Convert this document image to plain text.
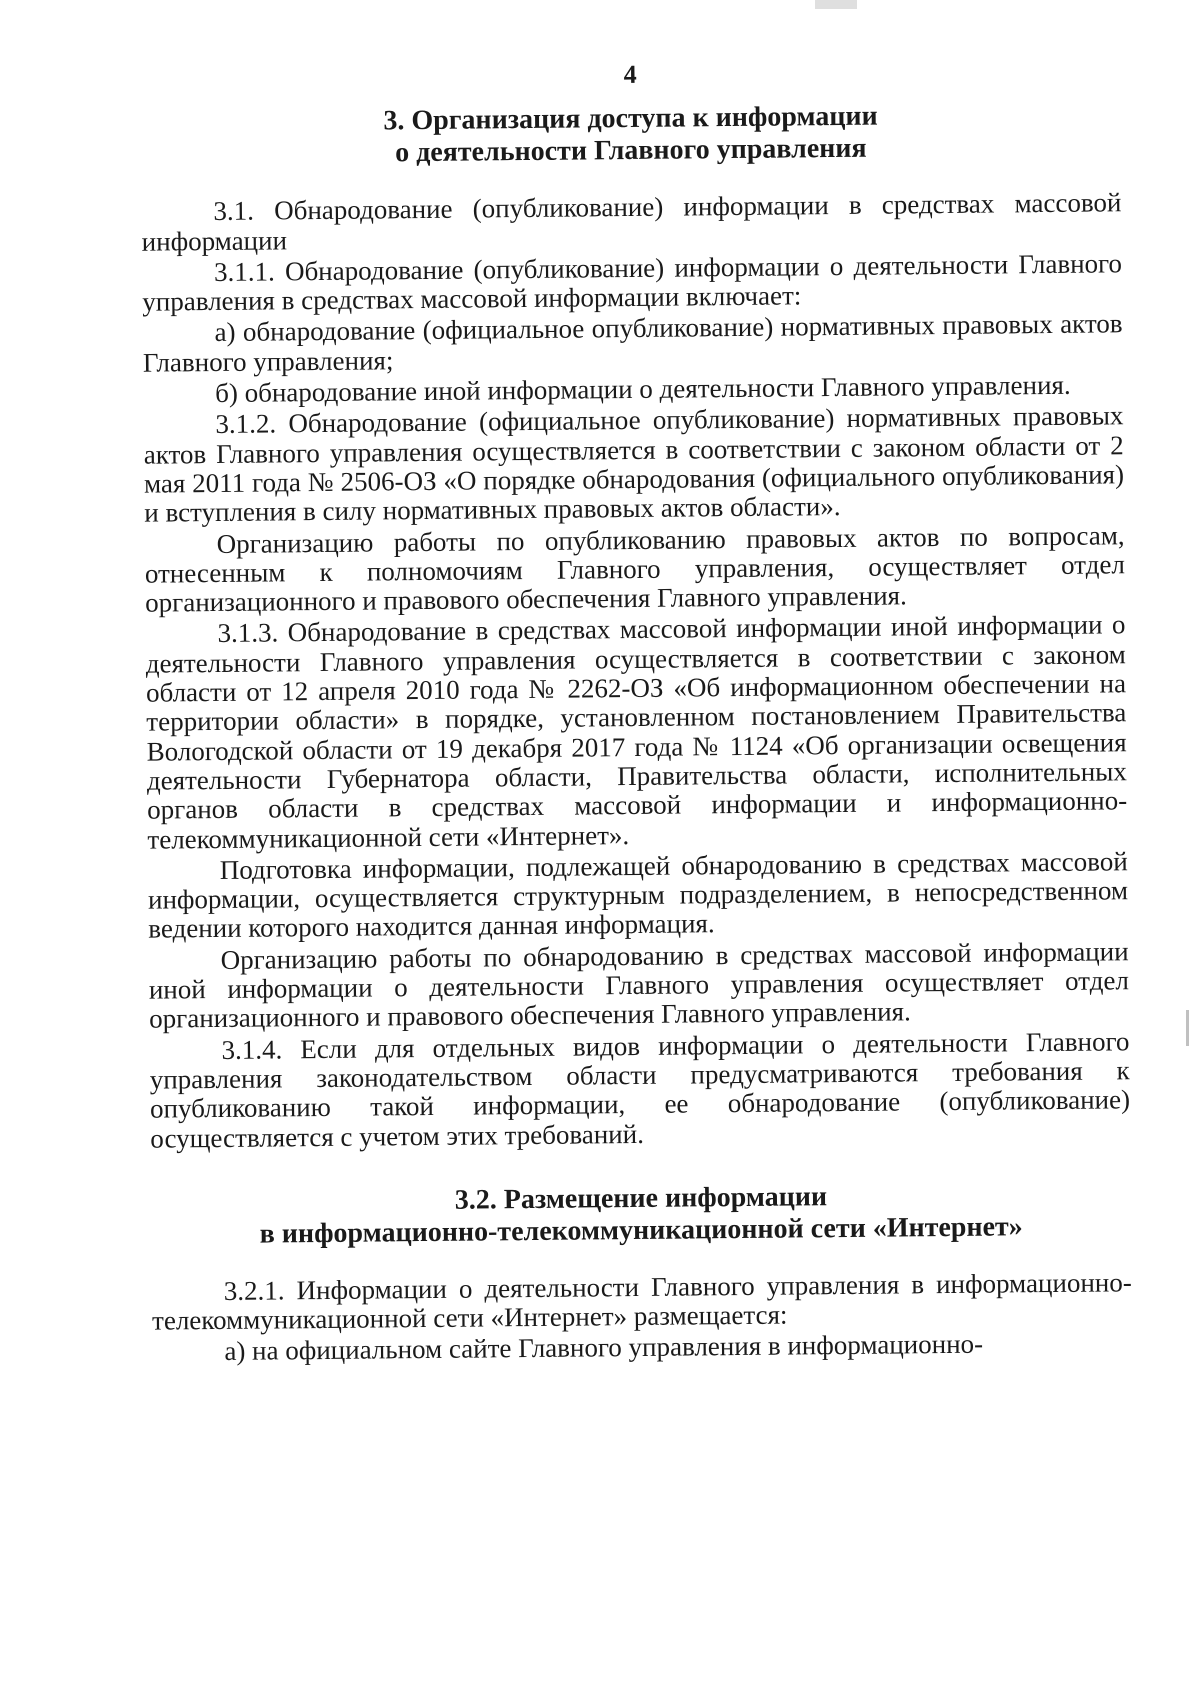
4
3. Организация доступа к информации
о деятельности Главного управления

3.1. Обнародование (опубликование) информации в средствах массовой информации

3.1.1. Обнародование (опубликование) информации о деятельности Главного управления в средствах массовой информации включает:

а) обнародование (официальное опубликование) нормативных правовых актов Главного управления;

б) обнародование иной информации о деятельности Главного управления.

3.1.2. Обнародование (официальное опубликование) нормативных правовых актов Главного управления осуществляется в соответствии с законом области от 2 мая 2011 года № 2506-ОЗ «О порядке обнародования (официального опубликования) и вступления в силу нормативных правовых актов области».

Организацию работы по опубликованию правовых актов по вопросам, отнесенным к полномочиям Главного управления, осуществляет отдел организационного и правового обеспечения Главного управления.

3.1.3. Обнародование в средствах массовой информации иной информации о деятельности Главного управления осуществляется в соответствии с законом области от 12 апреля 2010 года № 2262-ОЗ «Об информационном обеспечении на территории области» в порядке, установленном постановлением Правительства Вологодской области от 19 декабря 2017 года № 1124 «Об организации освещения деятельности Губернатора области, Правительства области, исполнительных органов области в средствах массовой информации и информационно-телекоммуникационной сети «Интернет».

Подготовка информации, подлежащей обнародованию в средствах массовой информации, осуществляется структурным подразделением, в непосредственном ведении которого находится данная информация.

Организацию работы по обнародованию в средствах массовой информации иной информации о деятельности Главного управления осуществляет отдел организационного и правового обеспечения Главного управления.

3.1.4. Если для отдельных видов информации о деятельности Главного управления законодательством области предусматриваются требования к опубликованию такой информации, ее обнародование (опубликование) осуществляется с учетом этих требований.

3.2. Размещение информации
в информационно-телекоммуникационной сети «Интернет»

3.2.1. Информации о деятельности Главного управления в информационно-телекоммуникационной сети «Интернет» размещается:

а) на официальном сайте Главного управления в информационно-
